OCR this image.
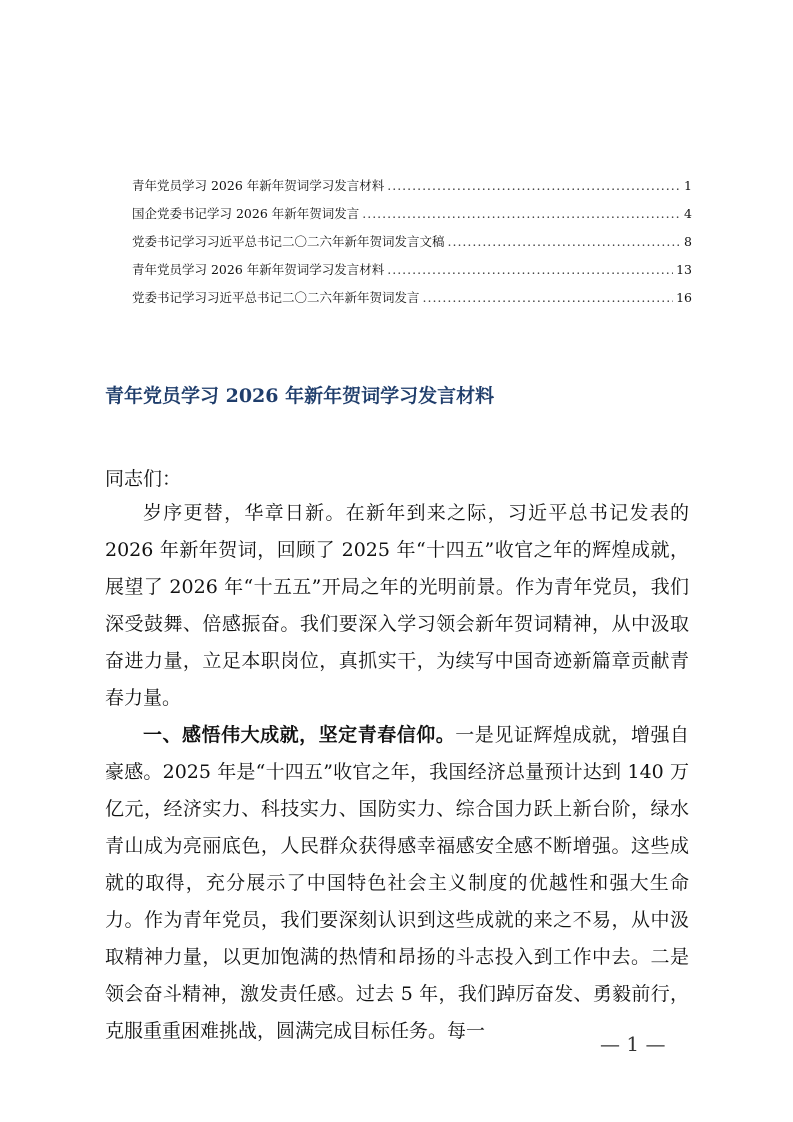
青年党员学习 2026 年新年贺词学习发言材料 .....	1
国企党委书记学习 2026 年新年贺词发言 .....	4
党委书记学习习近平总书记二〇二六年新年贺词发言文稿 .....	8
青年党员学习 2026 年新年贺词学习发言材料 .....	13
党委书记学习习近平总书记二〇二六年新年贺词发言 .....	16
青年党员学习 2026 年新年贺词学习发言材料
同志们：

岁序更替，华章日新。在新年到来之际，习近平总书记发表的 2026 年新年贺词，回顾了 2025 年“十四五”收官之年的辉煌成就，展望了 2026 年“十五五”开局之年的光明前景。作为青年党员，我们深受鼓舞、倍感振奋。我们要深入学习领会新年贺词精神，从中汲取奋进力量，立足本职岗位，真抓实干，为续写中国奇迹新篇章贡献青春力量。

一、感悟伟大成就，坚定青春信仰。一是见证辉煌成就，增强自豪感。2025 年是“十四五”收官之年，我国经济总量预计达到 140 万亿元，经济实力、科技实力、国防实力、综合国力跃上新台阶，绿水青山成为亮丽底色，人民群众获得感幸福感安全感不断增强。这些成就的取得，充分展示了中国特色社会主义制度的优越性和强大生命力。作为青年党员，我们要深刻认识到这些成就的来之不易，从中汲取精神力量，以更加饱满的热情和昂扬的斗志投入到工作中去。二是领会奋斗精神，激发责任感。过去 5 年，我们踔厉奋发、勇毅前行，克服重重困难挑战，圆满完成目标任务。每一

— 1 —
